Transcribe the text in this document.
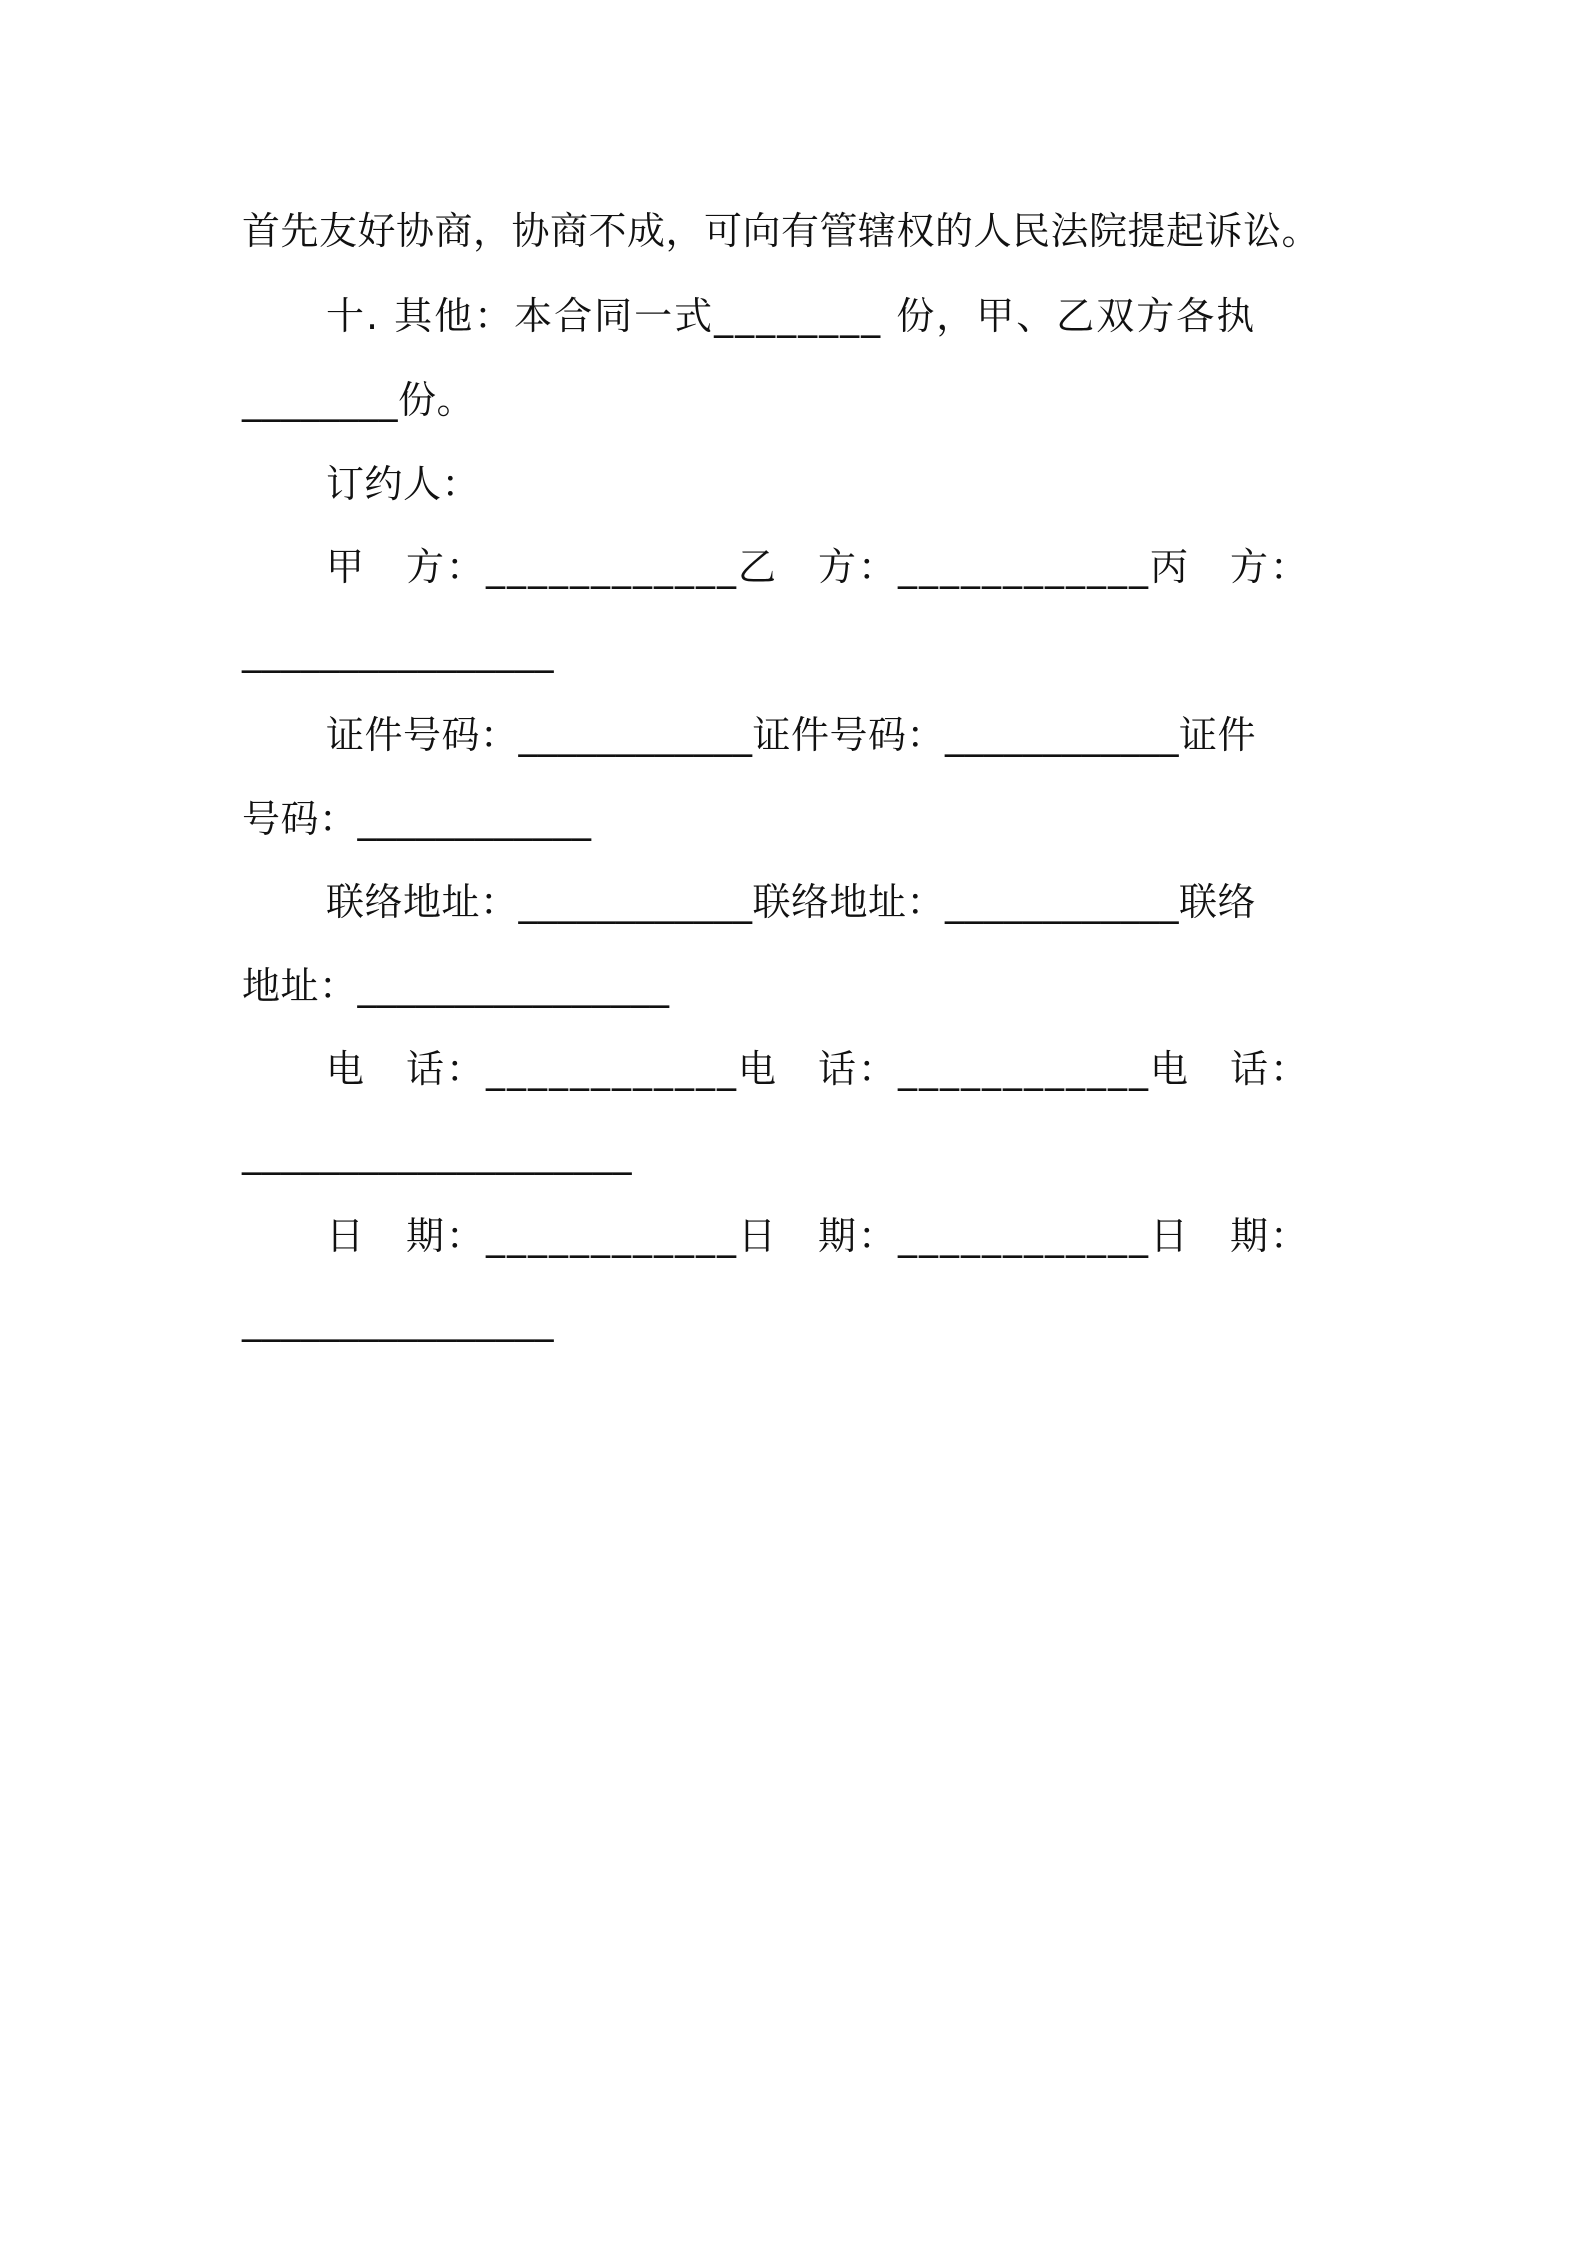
首先友好协商，协商不成，可向有管辖权的人民法院提起诉讼。
十. 其他：本合同一式________ 份，甲、乙双方各执
________份。
订约人：
甲　方：____________乙　方：____________丙　方：
________________
证件号码：____________证件号码：____________证件
号码：____________
联络地址：____________联络地址：____________联络
地址：________________
电　话：____________电　话：____________电　话：
____________________
日　期：____________日　期：____________日　期：
________________
